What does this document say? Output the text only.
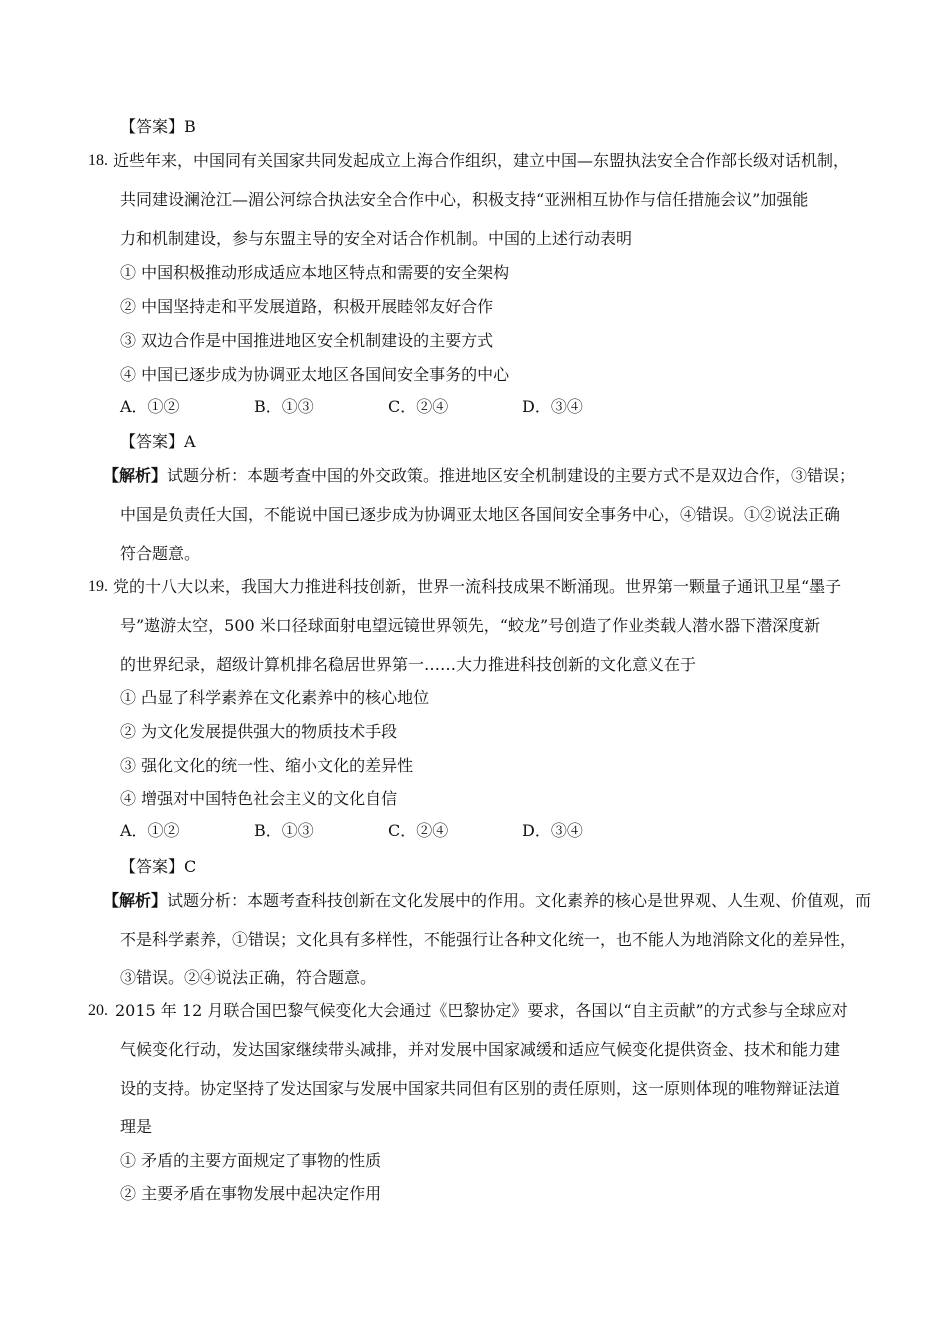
【答案】B
18. 近些年来，中国同有关国家共同发起成立上海合作组织，建立中国—东盟执法安全合作部长级对话机制，
共同建设澜沧江—湄公河综合执法安全合作中心，积极支持“亚洲相互协作与信任措施会议”加强能
力和机制建设，参与东盟主导的安全对话合作机制。中国的上述行动表明
① 中国积极推动形成适应本地区特点和需要的安全架构
② 中国坚持走和平发展道路，积极开展睦邻友好合作
③ 双边合作是中国推进地区安全机制建设的主要方式
④ 中国已逐步成为协调亚太地区各国间安全事务的中心
A．①②	B．①③	C．②④	D．③④
【答案】A
【解析】试题分析：本题考查中国的外交政策。推进地区安全机制建设的主要方式不是双边合作，③错误；
中国是负责任大国，不能说中国已逐步成为协调亚太地区各国间安全事务中心，④错误。①②说法正确
符合题意。
19. 党的十八大以来，我国大力推进科技创新，世界一流科技成果不断涌现。世界第一颗量子通讯卫星“墨子
号”遨游太空，500 米口径球面射电望远镜世界领先，“蛟龙”号创造了作业类载人潜水器下潜深度新
的世界纪录，超级计算机排名稳居世界第一……大力推进科技创新的文化意义在于
① 凸显了科学素养在文化素养中的核心地位
② 为文化发展提供强大的物质技术手段
③ 强化文化的统一性、缩小文化的差异性
④ 增强对中国特色社会主义的文化自信
A．①②	B．①③	C．②④	D．③④
【答案】C
【解析】试题分析：本题考查科技创新在文化发展中的作用。文化素养的核心是世界观、人生观、价值观，而
不是科学素养，①错误；文化具有多样性，不能强行让各种文化统一，也不能人为地消除文化的差异性，
③错误。②④说法正确，符合题意。
20. 2015 年 12 月联合国巴黎气候变化大会通过《巴黎协定》要求，各国以“自主贡献”的方式参与全球应对
气候变化行动，发达国家继续带头减排，并对发展中国家减缓和适应气候变化提供资金、技术和能力建
设的支持。协定坚持了发达国家与发展中国家共同但有区别的责任原则，这一原则体现的唯物辩证法道
理是
① 矛盾的主要方面规定了事物的性质
② 主要矛盾在事物发展中起决定作用
